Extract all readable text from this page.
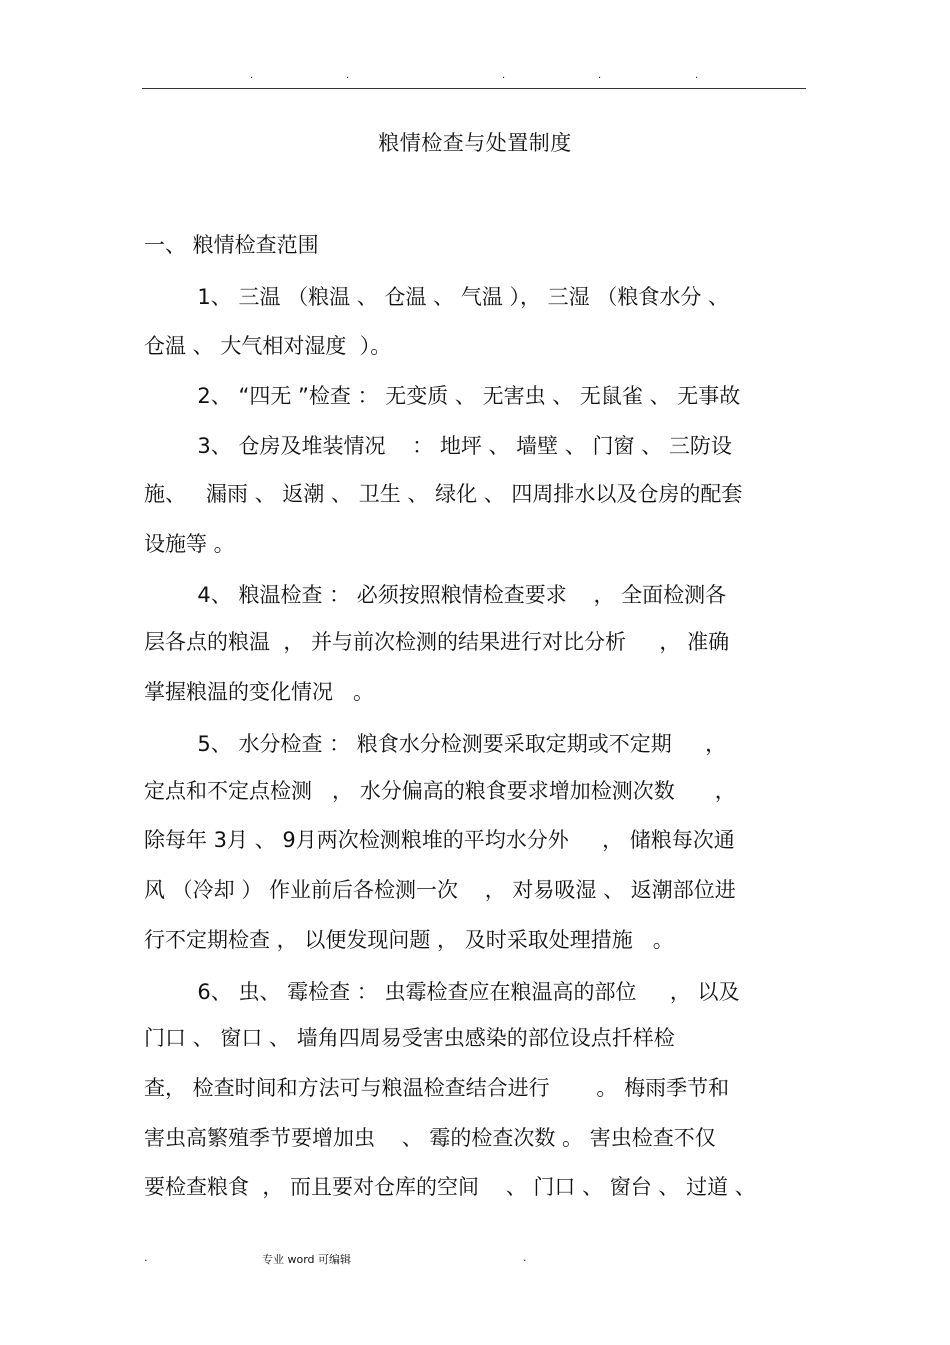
.	.	.	.	.
粮情检查与处置制度
一、 粮情检查范围
1、 三温 （粮温 、 仓温 、 气温 ）， 三湿 （粮食水分 、
仓温 、 大气相对湿度  ）。
2、 “四无 ”检查 ： 无变质 、 无害虫 、 无鼠雀 、 无事故
3、 仓房及堆装情况    ： 地坪 、 墙壁 、 门窗 、 三防设
施、   漏雨 、 返潮 、 卫生 、 绿化 、 四周排水以及仓房的配套
设施等 。
4、 粮温检查 ： 必须按照粮情检查要求    ， 全面检测各
层各点的粮温  ， 并与前次检测的结果进行对比分析     ， 准确
掌握粮温的变化情况   。
5、 水分检查 ： 粮食水分检测要采取定期或不定期     ，
定点和不定点检测   ， 水分偏高的粮食要求增加检测次数      ，
除每年 3月 、 9月两次检测粮堆的平均水分外     ， 储粮每次通
风 （冷却 ） 作业前后各检测一次    ， 对易吸湿 、 返潮部位进
行不定期检查 ， 以便发现问题 ， 及时采取处理措施   。
6、 虫、 霉检查 ： 虫霉检查应在粮温高的部位     ， 以及
门口 、 窗口 、 墙角四周易受害虫感染的部位设点扦样检
查， 检查时间和方法可与粮温检查结合进行       。 梅雨季节和
害虫高繁殖季节要增加虫    、 霉的检查次数 。 害虫检查不仅
要检查粮食  ， 而且要对仓库的空间    、 门口 、 窗台 、 过道 、
.	专业 word 可编辑	.
